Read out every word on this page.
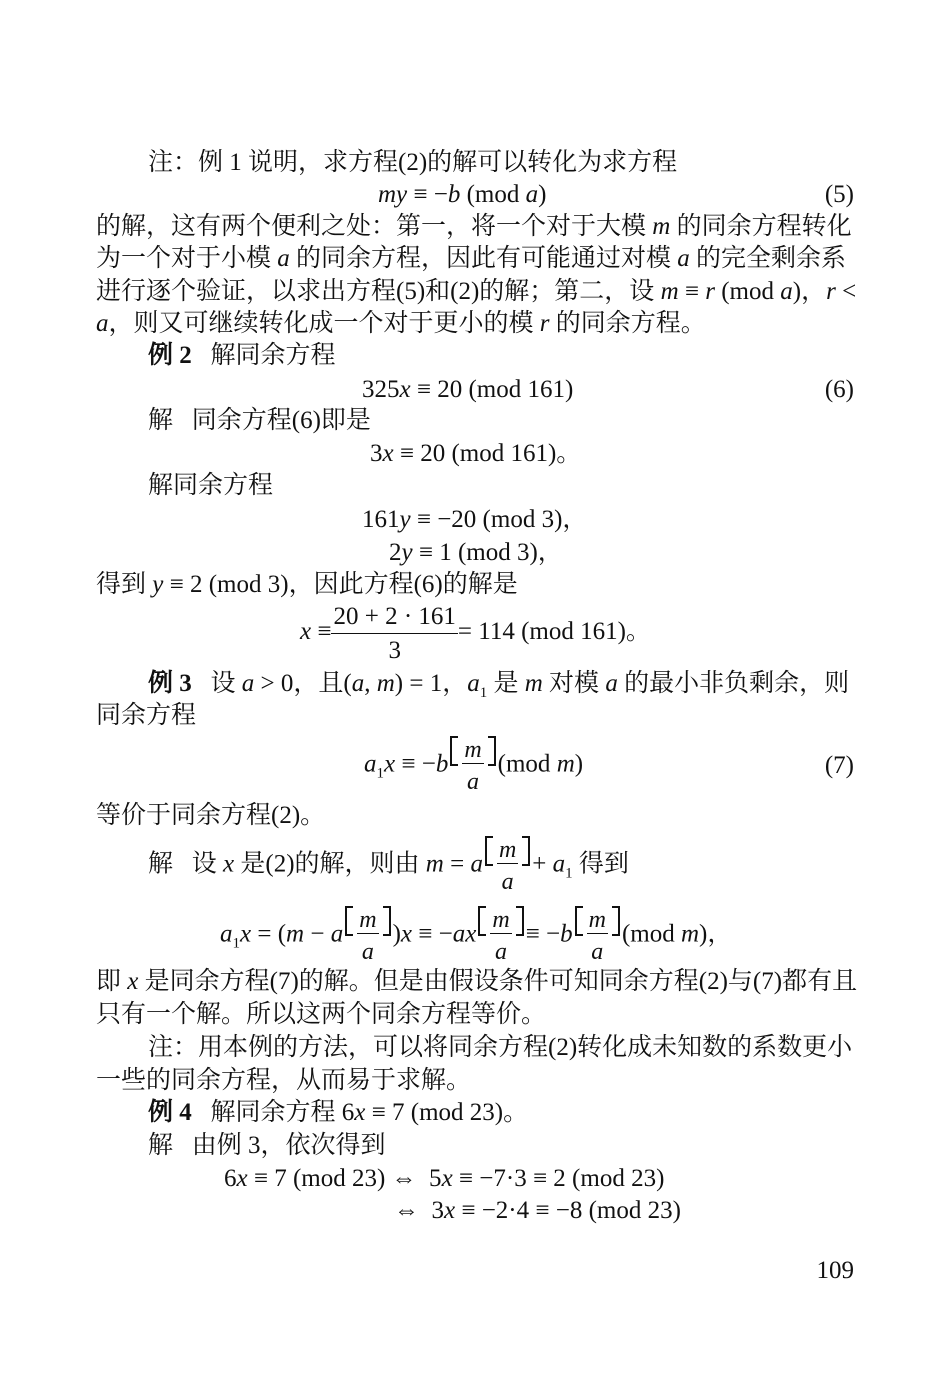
注：例 1 说明，求方程(2)的解可以转化为求方程
my ≡ −b (mod a)	(5)
的解，这有两个便利之处：第一，将一个对于大模 m 的同余方程转化
为一个对于小模 a 的同余方程，因此有可能通过对模 a 的完全剩余系
进行逐个验证，以求出方程(5)和(2)的解；第二，设 m ≡ r (mod a)，r <
a，则又可继续转化成一个对于更小的模 r 的同余方程。
例 2   解同余方程
325x ≡ 20 (mod 161)	(6)
解   同余方程(6)即是
3x ≡ 20 (mod 161)。
解同余方程
161y ≡ −20 (mod 3)，
2y ≡ 1 (mod 3)，
得到 y ≡ 2 (mod 3)，因此方程(6)的解是
$x \equiv \frac{20 + 2 \cdot 161}{3} = 114$ (mod 161)。
例 3   设 a > 0，且(a, m) = 1，$a_1$ 是 m 对模 a 的最小非负剩余，则
同余方程
$a_1x \equiv -b$
m
a
(mod m)	(7)
等价于同余方程(2)。
解   设 x 是(2)的解，则由 m = a
m
a
+ $a_1$ 得到
$a_1x = (m - a$
m
a
)x ≡ −ax
m
a
≡ −b
m
a
(mod m)，
即 x 是同余方程(7)的解。但是由假设条件可知同余方程(2)与(7)都有且
只有一个解。所以这两个同余方程等价。
注：用本例的方法，可以将同余方程(2)转化成未知数的系数更小
一些的同余方程，从而易于求解。
例 4   解同余方程 6x ≡ 7 (mod 23)。
解   由例 3，依次得到
6x ≡ 7 (mod 23) ⇔  5x ≡ −7·3 ≡ 2 (mod 23)
⇔  3x ≡ −2·4 ≡ −8 (mod 23)
109
